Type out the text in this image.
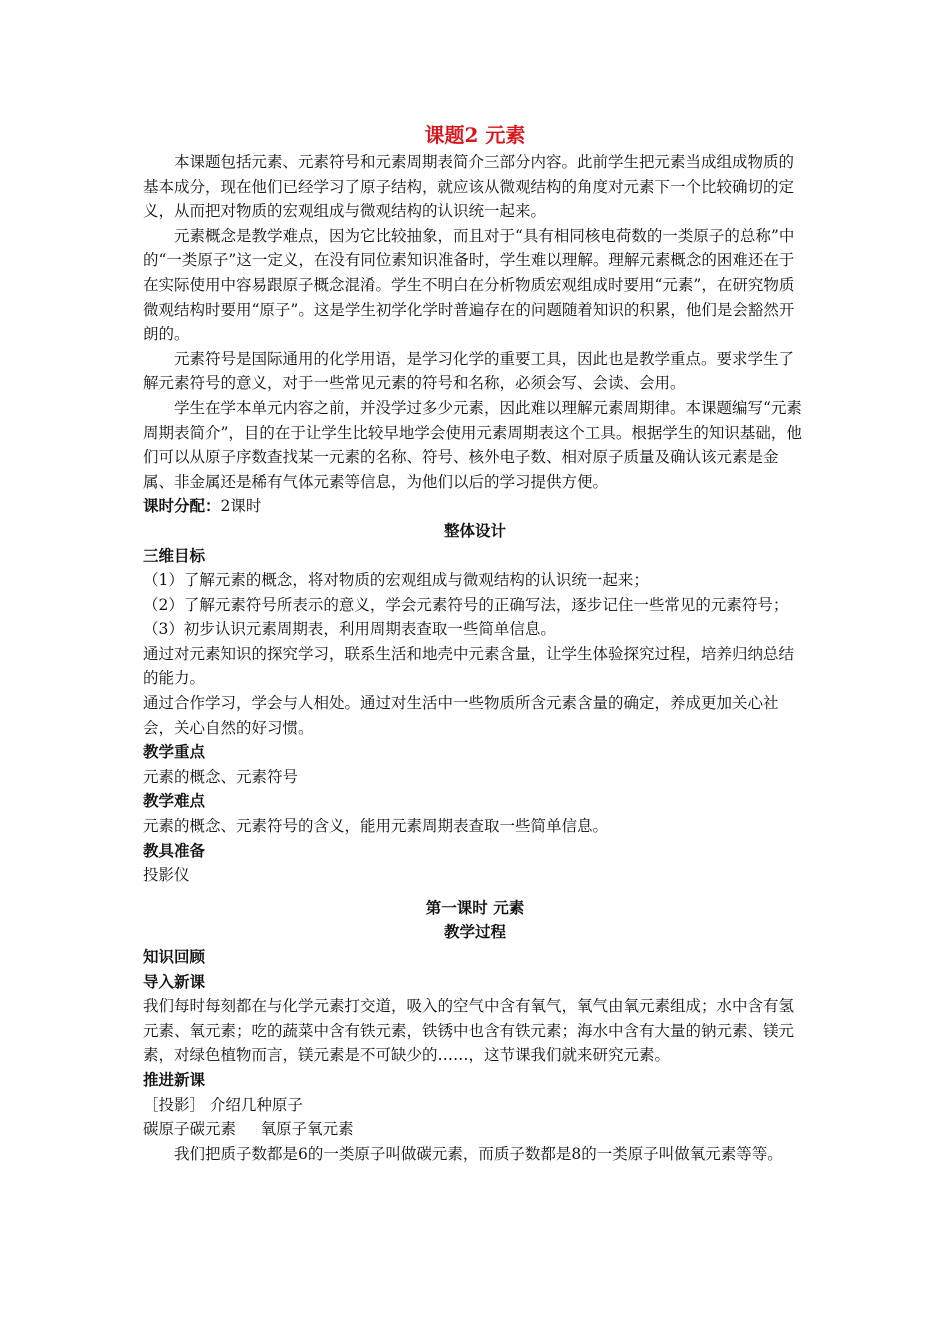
课题2 元素

本课题包括元素、元素符号和元素周期表简介三部分内容。此前学生把元素当成组成物质的基本成分，现在他们已经学习了原子结构，就应该从微观结构的角度对元素下一个比较确切的定义，从而把对物质的宏观组成与微观结构的认识统一起来。

元素概念是教学难点，因为它比较抽象，而且对于“具有相同核电荷数的一类原子的总称”中的“一类原子”这一定义，在没有同位素知识准备时，学生难以理解。理解元素概念的困难还在于在实际使用中容易跟原子概念混淆。学生不明白在分析物质宏观组成时要用“元素”，在研究物质微观结构时要用“原子”。这是学生初学化学时普遍存在的问题随着知识的积累，他们是会豁然开朗的。

元素符号是国际通用的化学用语，是学习化学的重要工具，因此也是教学重点。要求学生了解元素符号的意义，对于一些常见元素的符号和名称，必须会写、会读、会用。

学生在学本单元内容之前，并没学过多少元素，因此难以理解元素周期律。本课题编写“元素周期表简介”，目的在于让学生比较早地学会使用元素周期表这个工具。根据学生的知识基础，他们可以从原子序数查找某一元素的名称、符号、核外电子数、相对原子质量及确认该元素是金属、非金属还是稀有气体元素等信息，为他们以后的学习提供方便。

课时分配：2课时

整体设计

三维目标

（1）了解元素的概念，将对物质的宏观组成与微观结构的认识统一起来；

（2）了解元素符号所表示的意义，学会元素符号的正确写法，逐步记住一些常见的元素符号；

（3）初步认识元素周期表，利用周期表查取一些简单信息。

通过对元素知识的探究学习，联系生活和地壳中元素含量，让学生体验探究过程，培养归纳总结的能力。

通过合作学习，学会与人相处。通过对生活中一些物质所含元素含量的确定，养成更加关心社会，关心自然的好习惯。

教学重点

元素的概念、元素符号

教学难点

元素的概念、元素符号的含义，能用元素周期表查取一些简单信息。

教具准备

投影仪

第一课时 元素

教学过程

知识回顾

导入新课

我们每时每刻都在与化学元素打交道，吸入的空气中含有氧气，氧气由氧元素组成；水中含有氢元素、氧元素；吃的蔬菜中含有铁元素，铁锈中也含有铁元素；海水中含有大量的钠元素、镁元素，对绿色植物而言，镁元素是不可缺少的……，这节课我们就来研究元素。

推进新课

［投影］ 介绍几种原子

碳原子碳元素     氧原子氧元素

我们把质子数都是6的一类原子叫做碳元素，而质子数都是8的一类原子叫做氧元素等等。
